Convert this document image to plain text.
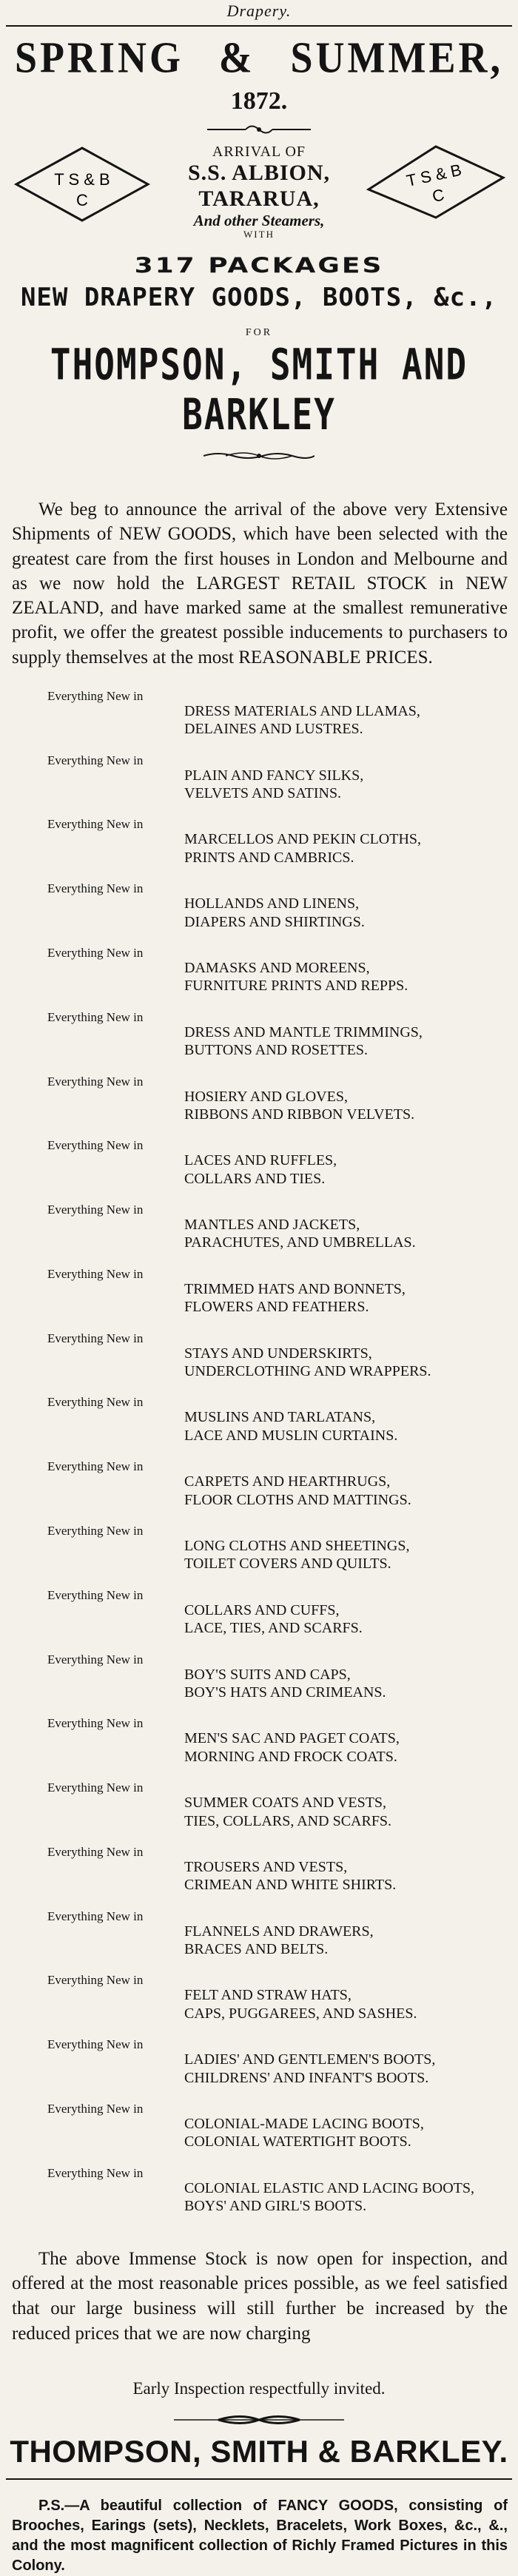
Drapery.
SPRING & SUMMER,
1872.
T S & B
C
ARRIVAL OF
S.S. ALBION,
TARARUA,
And other Steamers,
WITH
T S & B
C
317 PACKAGES
NEW DRAPERY GOODS, BOOTS, &c.,
FOR
THOMPSON, SMITH AND BARKLEY

We beg to announce the arrival of the above very Extensive Shipments of NEW GOODS, which have been selected with the greatest care from the first houses in London and Melbourne and as we now hold the LARGEST RETAIL STOCK in NEW ZEALAND, and have marked same at the smallest remunerative profit, we offer the greatest possible inducements to purchasers to supply themselves at the most REASONABLE PRICES.

Everything New in
DRESS MATERIALS AND LLAMAS,
DELAINES AND LUSTRES.
Everything New in
PLAIN AND FANCY SILKS,
VELVETS AND SATINS.
Everything New in
MARCELLOS AND PEKIN CLOTHS,
PRINTS AND CAMBRICS.
Everything New in
HOLLANDS AND LINENS,
DIAPERS AND SHIRTINGS.
Everything New in
DAMASKS AND MOREENS,
FURNITURE PRINTS AND REPPS.
Everything New in
DRESS AND MANTLE TRIMMINGS,
BUTTONS AND ROSETTES.
Everything New in
HOSIERY AND GLOVES,
RIBBONS AND RIBBON VELVETS.
Everything New in
LACES AND RUFFLES,
COLLARS AND TIES.
Everything New in
MANTLES AND JACKETS,
PARACHUTES, AND UMBRELLAS.
Everything New in
TRIMMED HATS AND BONNETS,
FLOWERS AND FEATHERS.
Everything New in
STAYS AND UNDERSKIRTS,
UNDERCLOTHING AND WRAPPERS.
Everything New in
MUSLINS AND TARLATANS,
LACE AND MUSLIN CURTAINS.
Everything New in
CARPETS AND HEARTHRUGS,
FLOOR CLOTHS AND MATTINGS.
Everything New in
LONG CLOTHS AND SHEETINGS,
TOILET COVERS AND QUILTS.
Everything New in
COLLARS AND CUFFS,
LACE, TIES, AND SCARFS.
Everything New in
BOY'S SUITS AND CAPS,
BOY'S HATS AND CRIMEANS.
Everything New in
MEN'S SAC AND PAGET COATS,
MORNING AND FROCK COATS.
Everything New in
SUMMER COATS AND VESTS,
TIES, COLLARS, AND SCARFS.
Everything New in
TROUSERS AND VESTS,
CRIMEAN AND WHITE SHIRTS.
Everything New in
FLANNELS AND DRAWERS,
BRACES AND BELTS.
Everything New in
FELT AND STRAW HATS,
CAPS, PUGGAREES, AND SASHES.
Everything New in
LADIES' AND GENTLEMEN'S BOOTS,
CHILDRENS' AND INFANT'S BOOTS.
Everything New in
COLONIAL-MADE LACING BOOTS,
COLONIAL WATERTIGHT BOOTS.
Everything New in
COLONIAL ELASTIC AND LACING BOOTS,
BOYS' AND GIRL'S BOOTS.

The above Immense Stock is now open for inspection, and offered at the most reasonable prices possible, as we feel satisfied that our large business will still further be increased by the reduced prices that we are now charging

Early Inspection respectfully invited.
THOMPSON, SMITH & BARKLEY.

P.S.—A beautiful collection of FANCY GOODS, consisting of Brooches, Earings (sets), Necklets, Bracelets, Work Boxes, &c., &., and the most magnificent collection of Richly Framed Pictures in this Colony.
